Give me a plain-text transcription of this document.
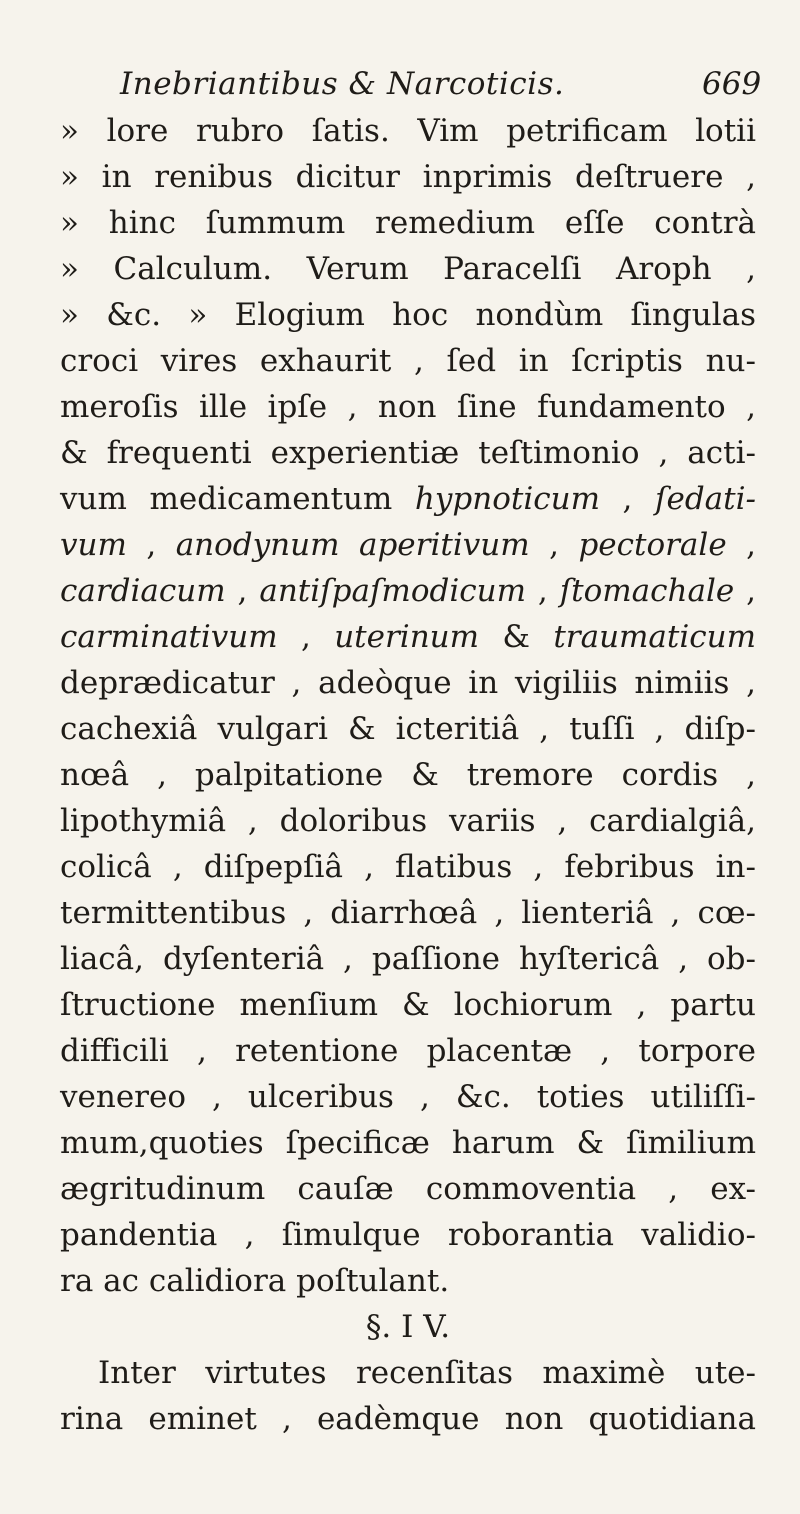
Inebriantibus & Narcoticis.	669
» lore rubro ſatis. Vim petrificam lotii
» in renibus dicitur inprimis deſtruere ,
» hinc ſummum remedium eſſe contrà
» Calculum. Verum Paracelſi Aroph ,
» &c. » Elogium hoc nondùm ſingulas
croci vires exhaurit , ſed in ſcriptis nu-
meroſis ille ipſe , non ſine fundamento ,
& frequenti experientiæ teſtimonio , acti-
vum medicamentum hypnoticum , ſedati-
vum , anodynum aperitivum , pectorale ,
cardiacum , antiſpaſmodicum , ſtomachale ,
carminativum , uterinum & traumaticum
deprædicatur , adeòque in vigiliis nimiis ,
cachexiâ vulgari & icteritiâ , tuſſi , diſp-
nœâ , palpitatione & tremore cordis ,
lipothymiâ , doloribus variis , cardialgiâ,
colicâ , diſpepſiâ , flatibus , febribus in-
termittentibus , diarrhœâ , lienteriâ , cœ-
liacâ, dyſenteriâ , paſſione hyſtericâ , ob-
ſtructione menſium & lochiorum , partu
difficili , retentione placentæ , torpore
venereo , ulceribus , &c. toties utiliſſi-
mum,quoties ſpecificæ harum & ſimilium
ægritudinum cauſæ commoventia , ex-
pandentia , ſimulque roborantia validio-
ra ac calidiora poſtulant.
§. I V.
Inter virtutes recenſitas maximè ute-
rina eminet , eadèmque non quotidiana
